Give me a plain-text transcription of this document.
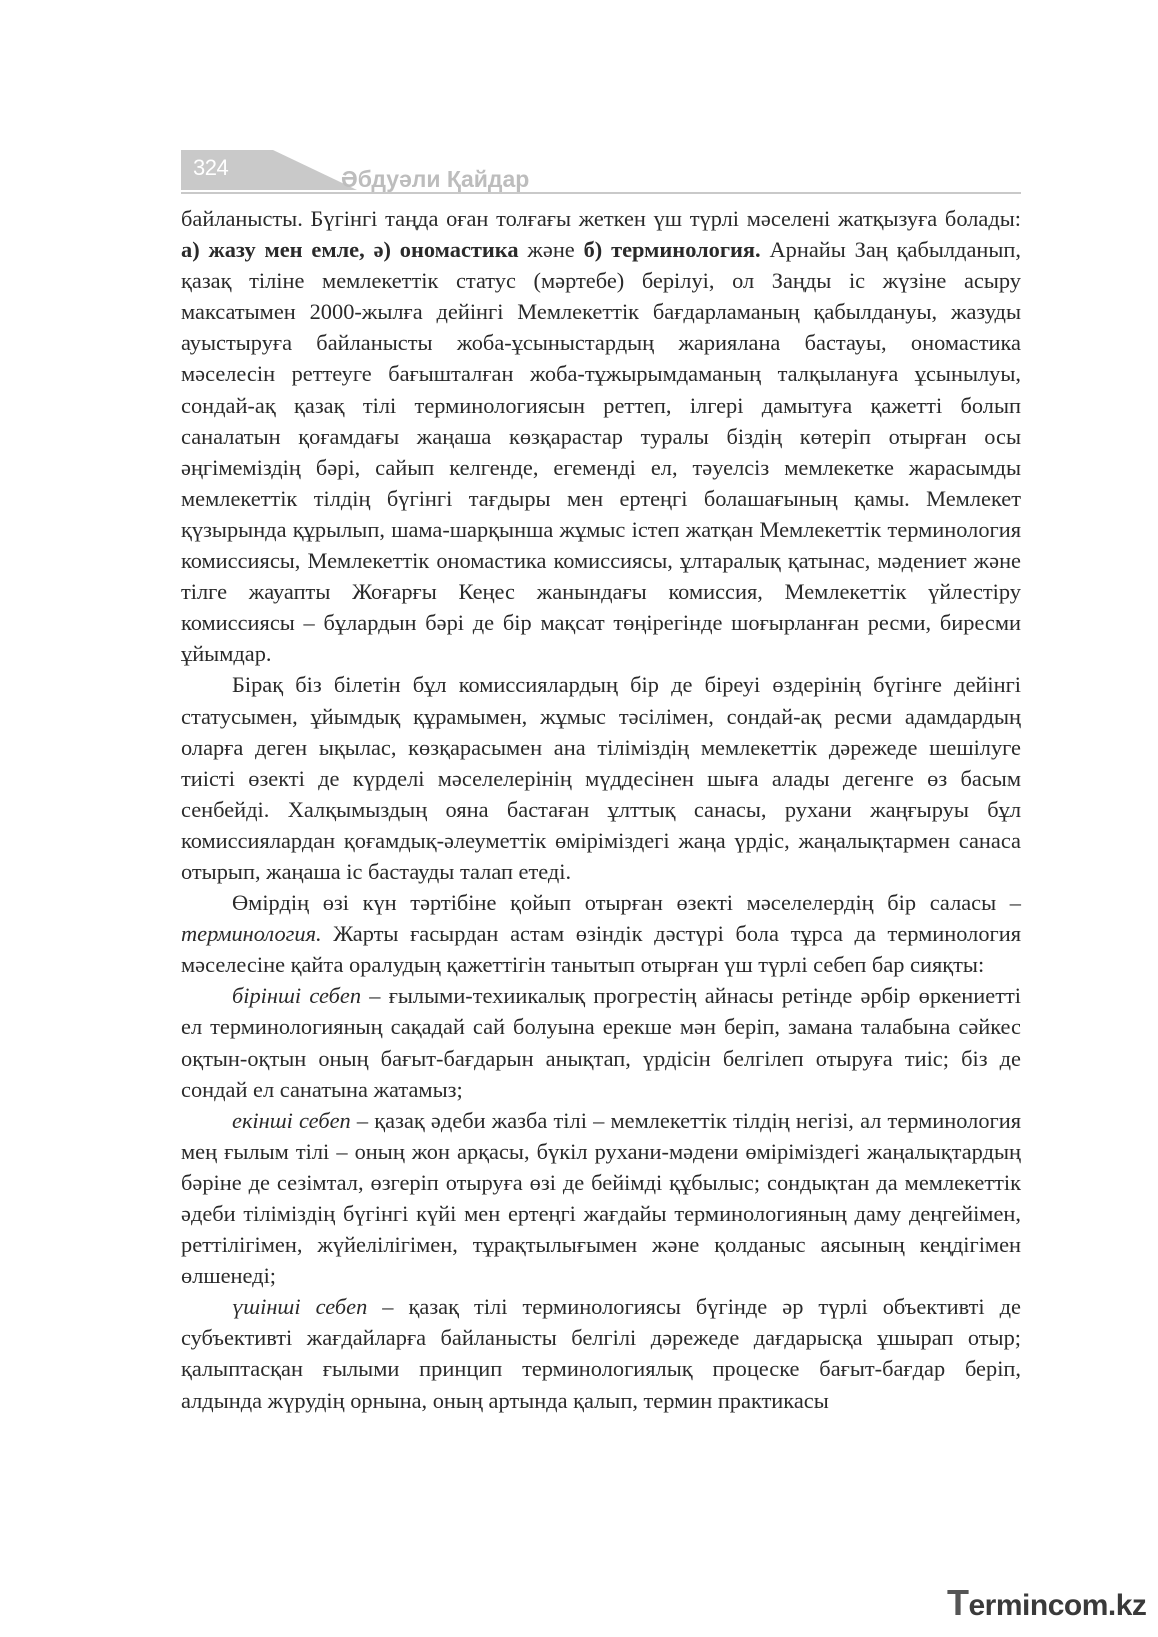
324	Әбдуәли Қайдар

байланысты. Бүгінгі таңда оған толғағы жеткен үш түрлі мәселені жатқызуға болады: а) жазу мен емле, ә) ономастика және б) терминология. Арнайы Заң қабылданып, қазақ тіліне мемлекеттік статус (мәртебе) берілуі, ол Заңды іс жүзіне асыру максатымен 2000-жылға дейінгі Мемлекеттік бағдарламаның қабылдануы, жазуды ауыстыруға байланысты жоба-ұсыныстардың жариялана бастауы, ономастика мәселесін реттеуге бағышталған жоба-тұжырымдаманың талқылануға ұсынылуы, сондай-ақ қазақ тілі терминологиясын реттеп, ілгері дамытуға қажетті болып саналатын қоғамдағы жаңаша көзқарастар туралы біздің көтеріп отырған осы әңгімеміздің бәрі, сайып келгенде, егеменді ел, тәуелсіз мемлекетке жарасымды мемлекеттік тілдің бүгінгі тағдыры мен ертеңгі болашағының қамы. Мемлекет қүзырында құрылып, шама-шарқынша жұмыс істеп жатқан Мемлекеттік терминология комиссиясы, Мемлекеттік ономастика комиссиясы, ұлтаралық қатынас, мәдениет және тілге жауапты Жоғарғы Кеңес жанындағы комиссия, Мемлекеттік үйлестіру комиссиясы – бұлардын бәрі де бір мақсат төңірегінде шоғырланған ресми, биресми ұйымдар.

Бірақ біз білетін бұл комиссиялардың бір де біреуі өздерінің бүгінге дейінгі статусымен, ұйымдық құрамымен, жұмыс тәсілімен, сондай-ақ ресми адамдардың оларға деген ықылас, көзқарасымен ана тіліміздің мемлекеттік дәрежеде шешілуге тиісті өзекті де күрделі мәселелерінің мүддесінен шыға алады дегенге өз басым сенбейді. Халқымыздың ояна бастаған ұлттық санасы, рухани жаңғыруы бұл комиссиялардан қоғамдық-әлеуметтік өміріміздегі жаңа үрдіс, жаңалықтармен санаса отырып, жаңаша іс бастауды талап етеді.

Өмірдің өзі күн тәртібіне қойып отырған өзекті мәселелердің бір саласы – терминология. Жарты ғасырдан астам өзіндік дәстүрі бола тұрса да терминология мәселесіне қайта оралудың қажеттігін танытып отырған үш түрлі себеп бар сияқты:

бірінші себеп – ғылыми-техиикалық прогрестің айнасы ретінде әрбір өркениетті ел терминологияның сақадай сай болуына ерекше мән беріп, замана талабына сәйкес оқтын-оқтын оның бағыт-бағдарын анықтап, үрдісін белгілеп отыруға тиіс; біз де сондай ел санатына жатамыз;

екінші себеп – қазақ әдеби жазба тілі – мемлекеттік тілдің негізі, ал терминология мең ғылым тілі – оның жон арқасы, бүкіл рухани-мәдени өміріміздегі жаңалықтардың бәріне де сезімтал, өзгеріп отыруға өзі де бейімді құбылыс; сондықтан да мемлекеттік әдеби тіліміздің бүгінгі күйі мен ертеңгі жағдайы терминологияның даму деңгейімен, реттілігімен, жүйелілігімен, тұрақтылығымен және қолданыс аясының кеңдігімен өлшенеді;

үшінші себеп – қазақ тілі терминологиясы бүгінде әр түрлі объективті де субъективті жағдайларға байланысты белгілі дәрежеде дағдарысқа ұшырап отыр; қалыптасқан ғылыми принцип терминологиялық процеске бағыт-бағдар беріп, алдында жүрудің орнына, оның артында қалып, термин практикасы

Termincom.kz
